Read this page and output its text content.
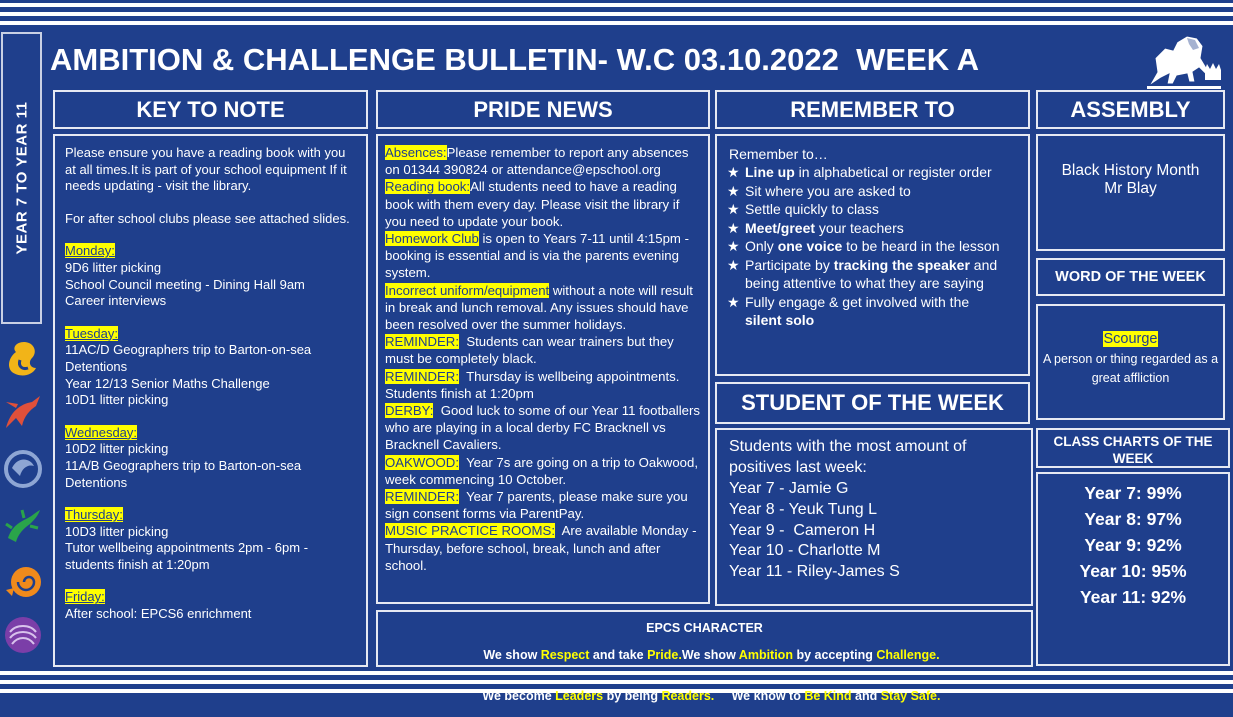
AMBITION & CHALLENGE BULLETIN- W.C 03.10.2022  WEEK A
YEAR 7 TO YEAR 11	KEY TO NOTE

Please ensure you have a reading book with you at all times.It is part of your school equipment If it needs updating - visit the library.

For after school clubs please see attached slides.

Monday:
9D6 litter picking
School Council meeting - Dining Hall 9am
Career interviews
Tuesday:
11AC/D Geographers trip to Barton-on-sea
Detentions
Year 12/13 Senior Maths Challenge
10D1 litter picking
Wednesday:
10D2 litter picking
11A/B Geographers trip to Barton-on-sea
Detentions
Thursday:
10D3 litter picking
Tutor wellbeing appointments 2pm - 6pm - students finish at 1:20pm
Friday:
After school: EPCS6 enrichment
PRIDE NEWS
Absences:Please remember to report any absences on 01344 390824 or attendance@epschool.org
Reading book:All students need to have a reading book with them every day. Please visit the library if you need to update your book.
Homework Club is open to Years 7-11 until 4:15pm - booking is essential and is via the parents evening system.
Incorrect uniform/equipment without a note will result in break and lunch removal. Any issues should have been resolved over the summer holidays.
REMINDER:  Students can wear trainers but they must be completely black.
REMINDER:  Thursday is wellbeing appointments. Students finish at 1:20pm
DERBY:  Good luck to some of our Year 11 footballers who are playing in a local derby FC Bracknell vs Bracknell Cavaliers.
OAKWOOD:  Year 7s are going on a trip to Oakwood, week commencing 10 October.
REMINDER:  Year 7 parents, please make sure you sign consent forms via ParentPay.
MUSIC PRACTICE ROOMS:  Are available Monday - Thursday, before school, break, lunch and after school.
REMEMBER TO
Remember to…
★ Line up in alphabetical or register order
★ Sit where you are asked to
★ Settle quickly to class
★ Meet/greet your teachers
★ Only one voice to be heard in the lesson
★ Participate by tracking the speaker and being attentive to what they are saying
★ Fully engage & get involved with the
silent solo
STUDENT OF THE WEEK
Students with the most amount of positives last week:
Year 7 - Jamie G
Year 8 - Yeuk Tung L
Year 9 -  Cameron H
Year 10 - Charlotte M
Year 11 - Riley-James S
ASSEMBLY
Black History Month
Mr Blay
WORD OF THE WEEK
Scourge
A person or thing regarded as a great affliction
CLASS CHARTS OF THE WEEK
Year 7: 99%
Year 8: 97%
Year 9: 92%
Year 10: 95%
Year 11: 92%
EPCS CHARACTER

We show Respect and take Pride.We show Ambition by accepting Challenge.

We become Leaders by being Readers.     We know to Be Kind and Stay Safe.
